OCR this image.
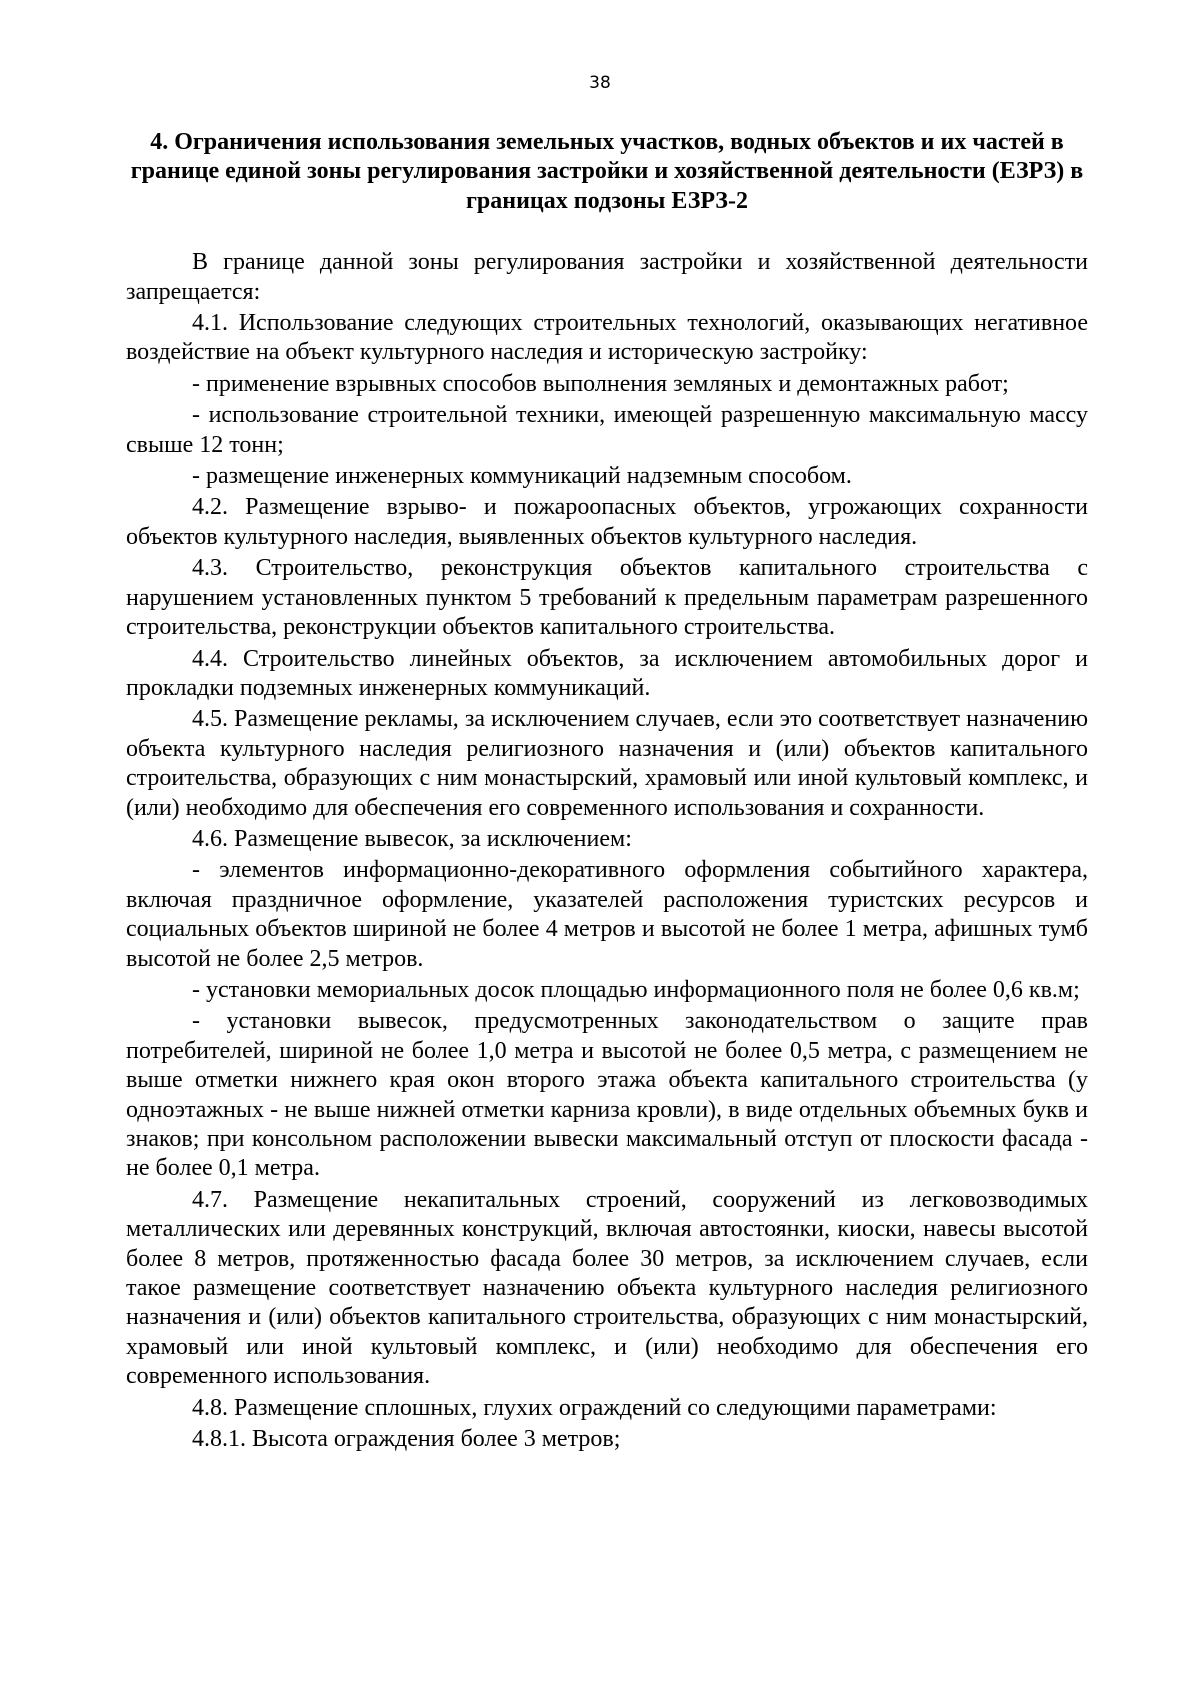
38

4. Ограничения использования земельных участков, водных объектов и их частей в границе единой зоны регулирования застройки и хозяйственной деятельности (ЕЗРЗ) в границах подзоны ЕЗРЗ-2

В границе данной зоны регулирования застройки и хозяйственной деятельности запрещается:

4.1. Использование следующих строительных технологий, оказывающих негативное воздействие на объект культурного наследия и историческую застройку:

- применение взрывных способов выполнения земляных и демонтажных работ;

- использование строительной техники, имеющей разрешенную максимальную массу свыше 12 тонн;

- размещение инженерных коммуникаций надземным способом.

4.2. Размещение взрыво- и пожароопасных объектов, угрожающих сохранности объектов культурного наследия, выявленных объектов культурного наследия.

4.3. Строительство, реконструкция объектов капитального строительства с нарушением установленных пунктом 5 требований к предельным параметрам разрешенного строительства, реконструкции объектов капитального строительства.

4.4. Строительство линейных объектов, за исключением автомобильных дорог и прокладки подземных инженерных коммуникаций.

4.5. Размещение рекламы, за исключением случаев, если это соответствует назначению объекта культурного наследия религиозного назначения и (или) объектов капитального строительства, образующих с ним монастырский, храмовый или иной культовый комплекс, и (или) необходимо для обеспечения его современного использования и сохранности.

4.6. Размещение вывесок, за исключением:

- элементов информационно-декоративного оформления событийного характера, включая праздничное оформление, указателей расположения туристских ресурсов и социальных объектов шириной не более 4 метров и высотой не более 1 метра, афишных тумб высотой не более 2,5 метров.

- установки мемориальных досок площадью информационного поля не более 0,6 кв.м;

- установки вывесок, предусмотренных законодательством о защите прав потребителей, шириной не более 1,0 метра и высотой не более 0,5 метра, с размещением не выше отметки нижнего края окон второго этажа объекта капитального строительства (у одноэтажных - не выше нижней отметки карниза кровли), в виде отдельных объемных букв и знаков; при консольном расположении вывески максимальный отступ от плоскости фасада - не более 0,1 метра.

4.7. Размещение некапитальных строений, сооружений из легковозводимых металлических или деревянных конструкций, включая автостоянки, киоски, навесы высотой более 8 метров, протяженностью фасада более 30 метров, за исключением случаев, если такое размещение соответствует назначению объекта культурного наследия религиозного назначения и (или) объектов капитального строительства, образующих с ним монастырский, храмовый или иной культовый комплекс, и (или) необходимо для обеспечения его современного использования.

4.8. Размещение сплошных, глухих ограждений со следующими параметрами:

4.8.1. Высота ограждения более 3 метров;
